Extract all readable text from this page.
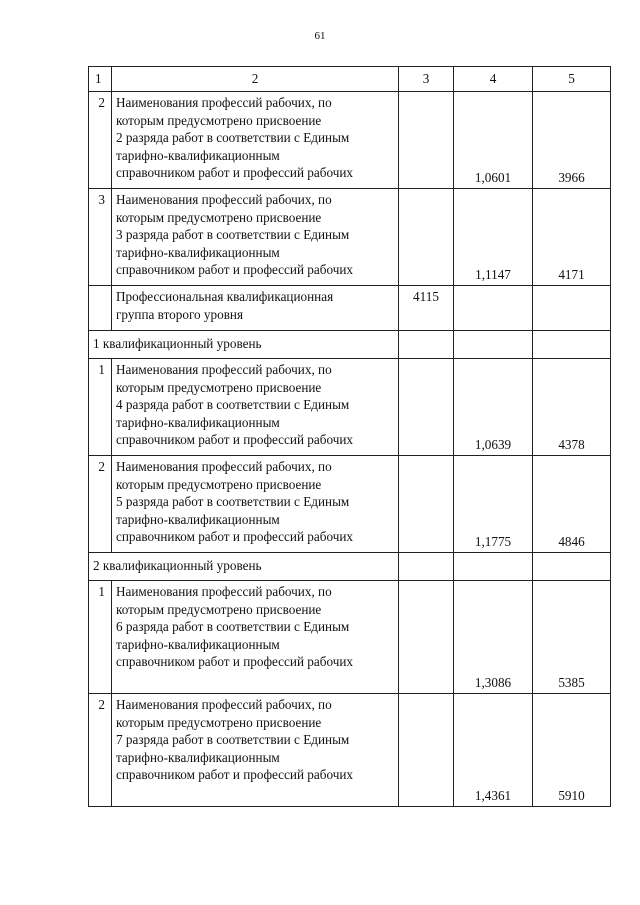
61
1	2	3	4	5
2	Наименования профессий рабочих, по
которым предусмотрено присвоение
2 разряда работ в соответствии с Единым
тарифно-квалификационным
справочником работ и профессий рабочих		1,0601	3966
3	Наименования профессий рабочих, по
которым предусмотрено присвоение
3 разряда работ в соответствии с Единым
тарифно-квалификационным
справочником работ и профессий рабочих		1,1147	4171
	Профессиональная квалификационная
группа второго уровня	4115		
1 квалификационный уровень				
1	Наименования профессий рабочих, по
которым предусмотрено присвоение
4 разряда работ в соответствии с Единым
тарифно-квалификационным
справочником работ и профессий рабочих		1,0639	4378
2	Наименования профессий рабочих, по
которым предусмотрено присвоение
5 разряда работ в соответствии с Единым
тарифно-квалификационным
справочником работ и профессий рабочих		1,1775	4846
2 квалификационный уровень				
1	Наименования профессий рабочих, по
которым предусмотрено присвоение
6 разряда работ в соответствии с Единым
тарифно-квалификационным
справочником работ и профессий рабочих		1,3086	5385
2	Наименования профессий рабочих, по
которым предусмотрено присвоение
7 разряда работ в соответствии с Единым
тарифно-квалификационным
справочником работ и профессий рабочих		1,4361	5910
